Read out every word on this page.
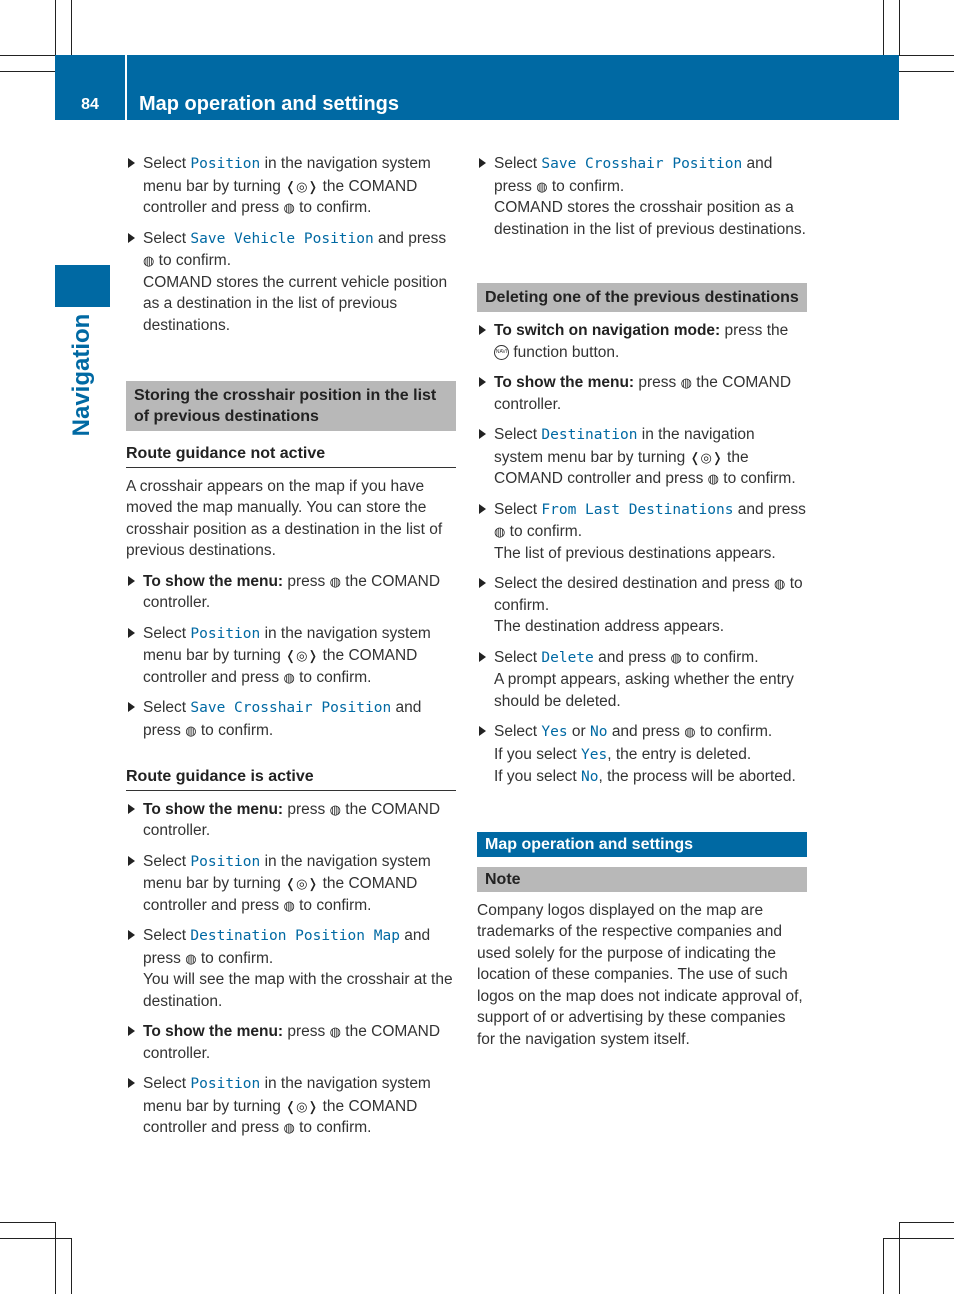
84	Map operation and settings
Navigation
Select Position in the navigation system menu bar by turning ❬◎❭ the COMAND controller and press ◍ to confirm.
Select Save Vehicle Position and press ◍ to confirm.
COMAND stores the current vehicle position as a destination in the list of previous destinations.
Storing the crosshair position in the list of previous destinations
Route guidance not active
A crosshair appears on the map if you have moved the map manually. You can store the crosshair position as a destination in the list of previous destinations.
To show the menu: press ◍ the COMAND controller.
Select Position in the navigation system menu bar by turning ❬◎❭ the COMAND controller and press ◍ to confirm.
Select Save Crosshair Position and press ◍ to confirm.
Route guidance is active
To show the menu: press ◍ the COMAND controller.
Select Position in the navigation system menu bar by turning ❬◎❭ the COMAND controller and press ◍ to confirm.
Select Destination Position Map and press ◍ to confirm.
You will see the map with the crosshair at the destination.
To show the menu: press ◍ the COMAND controller.
Select Position in the navigation system menu bar by turning ❬◎❭ the COMAND controller and press ◍ to confirm.
Select Save Crosshair Position and press ◍ to confirm.
COMAND stores the crosshair position as a destination in the list of previous destinations.
Deleting one of the previous destinations
To switch on navigation mode: press the NAVI function button.
To show the menu: press ◍ the COMAND controller.
Select Destination in the navigation system menu bar by turning ❬◎❭ the COMAND controller and press ◍ to confirm.
Select From Last Destinations and press ◍ to confirm.
The list of previous destinations appears.
Select the desired destination and press ◍ to confirm.
The destination address appears.
Select Delete and press ◍ to confirm.
A prompt appears, asking whether the entry should be deleted.
Select Yes or No and press ◍ to confirm.
If you select Yes, the entry is deleted.
If you select No, the process will be aborted.
Map operation and settings
Note
Company logos displayed on the map are trademarks of the respective companies and used solely for the purpose of indicating the location of these companies. The use of such logos on the map does not indicate approval of, support of or advertising by these companies for the navigation system itself.
